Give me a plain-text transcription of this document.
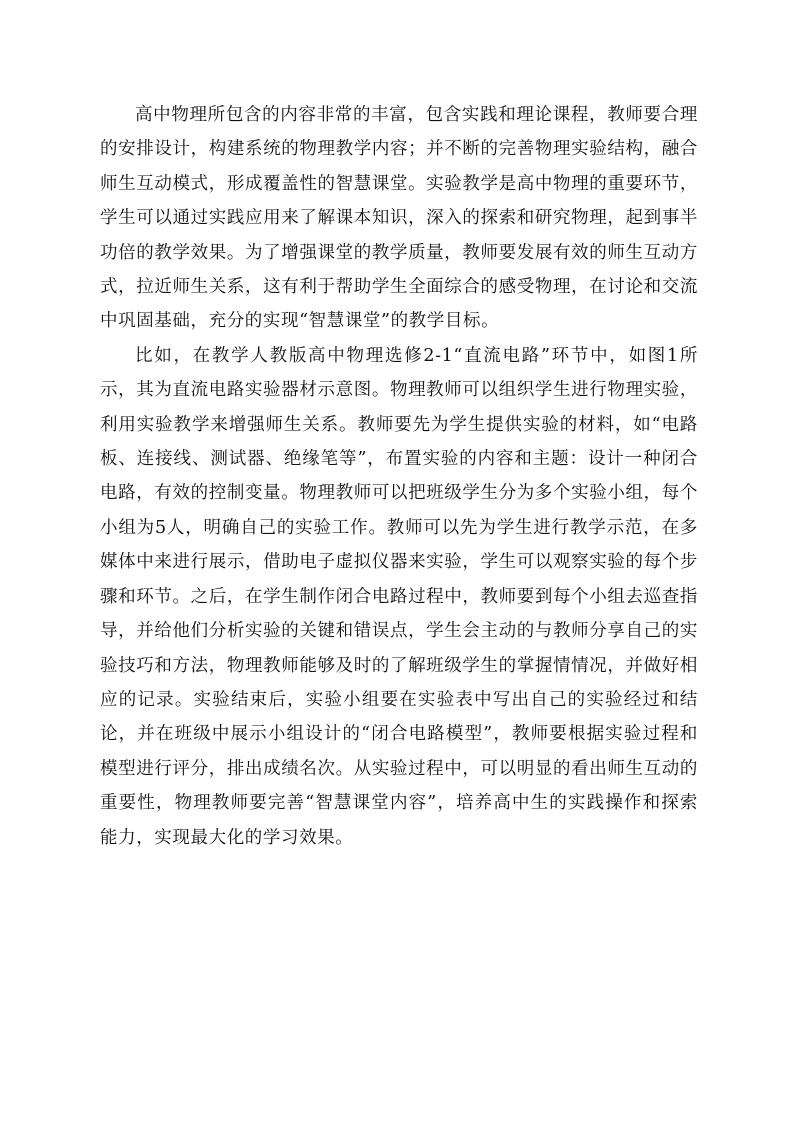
高中物理所包含的内容非常的丰富，包含实践和理论课程，教师要合理的安排设计，构建系统的物理教学内容；并不断的完善物理实验结构，融合师生互动模式，形成覆盖性的智慧课堂。实验教学是高中物理的重要环节，学生可以通过实践应用来了解课本知识，深入的探索和研究物理，起到事半功倍的教学效果。为了增强课堂的教学质量，教师要发展有效的师生互动方式，拉近师生关系，这有利于帮助学生全面综合的感受物理，在讨论和交流中巩固基础，充分的实现“智慧课堂”的教学目标。

比如，在教学人教版高中物理选修2-1“直流电路”环节中，如图1所示，其为直流电路实验器材示意图。物理教师可以组织学生进行物理实验，利用实验教学来增强师生关系。教师要先为学生提供实验的材料，如“电路板、连接线、测试器、绝缘笔等”，布置实验的内容和主题：设计一种闭合电路，有效的控制变量。物理教师可以把班级学生分为多个实验小组，每个小组为5人，明确自己的实验工作。教师可以先为学生进行教学示范，在多媒体中来进行展示，借助电子虚拟仪器来实验，学生可以观察实验的每个步骤和环节。之后，在学生制作闭合电路过程中，教师要到每个小组去巡查指导，并给他们分析实验的关键和错误点，学生会主动的与教师分享自己的实验技巧和方法，物理教师能够及时的了解班级学生的掌握情情况，并做好相应的记录。实验结束后，实验小组要在实验表中写出自己的实验经过和结论，并在班级中展示小组设计的“闭合电路模型”，教师要根据实验过程和模型进行评分，排出成绩名次。从实验过程中，可以明显的看出师生互动的重要性，物理教师要完善“智慧课堂内容”，培养高中生的实践操作和探索能力，实现最大化的学习效果。
